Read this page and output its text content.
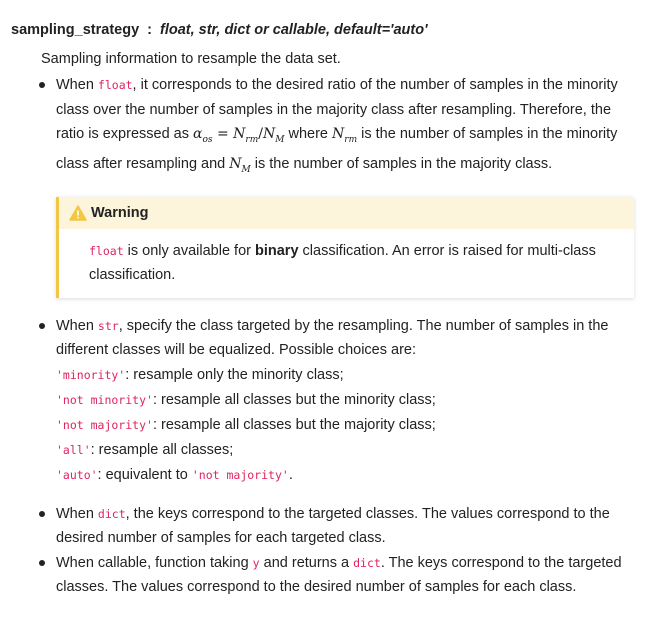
sampling_strategy : float, str, dict or callable, default='auto'
Sampling information to resample the data set.
When float, it corresponds to the desired ratio of the number of samples in the minority class over the number of samples in the majority class after resampling. Therefore, the ratio is expressed as $\alpha_{os} = N_{rm}/N_M$ where $N_{rm}$ is the number of samples in the minority class after resampling and $N_M$ is the number of samples in the majority class.
Warning
float is only available for binary classification. An error is raised for multi-class classification.
When str, specify the class targeted by the resampling. The number of samples in the different classes will be equalized. Possible choices are:
'minority': resample only the minority class;
'not minority': resample all classes but the minority class;
'not majority': resample all classes but the majority class;
'all': resample all classes;
'auto': equivalent to 'not majority'.
When dict, the keys correspond to the targeted classes. The values correspond to the desired number of samples for each targeted class.
When callable, function taking y and returns a dict. The keys correspond to the targeted classes. The values correspond to the desired number of samples for each class.
